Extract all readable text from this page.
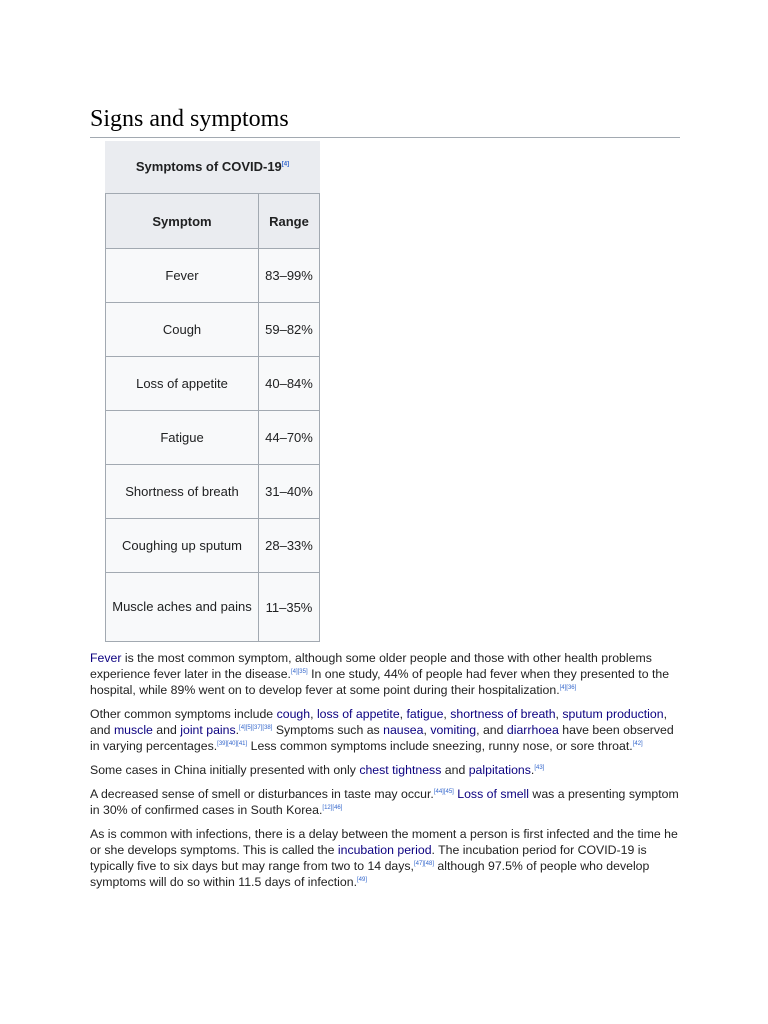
Signs and symptoms
Symptoms of COVID-19[4]
Symptom	Range
Fever	83–99%
Cough	59–82%
Loss of appetite	40–84%
Fatigue	44–70%
Shortness of breath	31–40%
Coughing up sputum	28–33%
Muscle aches and pains	11–35%

Fever is the most common symptom, although some older people and those with other health problems experience fever later in the disease.[4][35] In one study, 44% of people had fever when they presented to the hospital, while 89% went on to develop fever at some point during their hospitalization.[4][36]

Other common symptoms include cough, loss of appetite, fatigue, shortness of breath, sputum production, and muscle and joint pains.[4][5][37][38] Symptoms such as nausea, vomiting, and diarrhoea have been observed in varying percentages.[39][40][41] Less common symptoms include sneezing, runny nose, or sore throat.[42]

Some cases in China initially presented with only chest tightness and palpitations.[43]

A decreased sense of smell or disturbances in taste may occur.[44][45] Loss of smell was a presenting symptom in 30% of confirmed cases in South Korea.[12][46]

As is common with infections, there is a delay between the moment a person is first infected and the time he or she develops symptoms. This is called the incubation period. The incubation period for COVID-19 is typically five to six days but may range from two to 14 days,[47][48] although 97.5% of people who develop symptoms will do so within 11.5 days of infection.[49]
